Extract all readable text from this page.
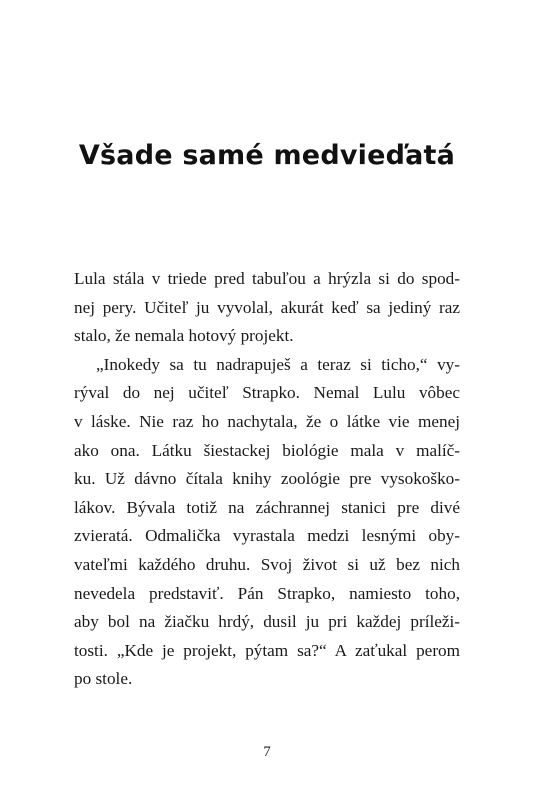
Všade samé medvieďatá
Lula stála v triede pred tabuľou a hrýzla si do spod-
nej pery. Učiteľ ju vyvolal, akurát keď sa jediný raz
stalo, že nemala hotový projekt.
„Inokedy sa tu nadrapuješ a teraz si ticho,“ vy-
rýval do nej učiteľ Strapko. Nemal Lulu vôbec
v láske. Nie raz ho nachytala, že o látke vie menej
ako ona. Látku šiestackej biológie mala v malíč-
ku. Už dávno čítala knihy zoológie pre vysokoško-
lákov. Bývala totiž na záchrannej stanici pre divé
zvieratá. Odmalička vyrastala medzi lesnými oby-
vateľmi každého druhu. Svoj život si už bez nich
nevedela predstaviť. Pán Strapko, namiesto toho,
aby bol na žiačku hrdý, dusil ju pri každej príleži-
tosti. „Kde je projekt, pýtam sa?“ A zaťukal perom
po stole.
7
